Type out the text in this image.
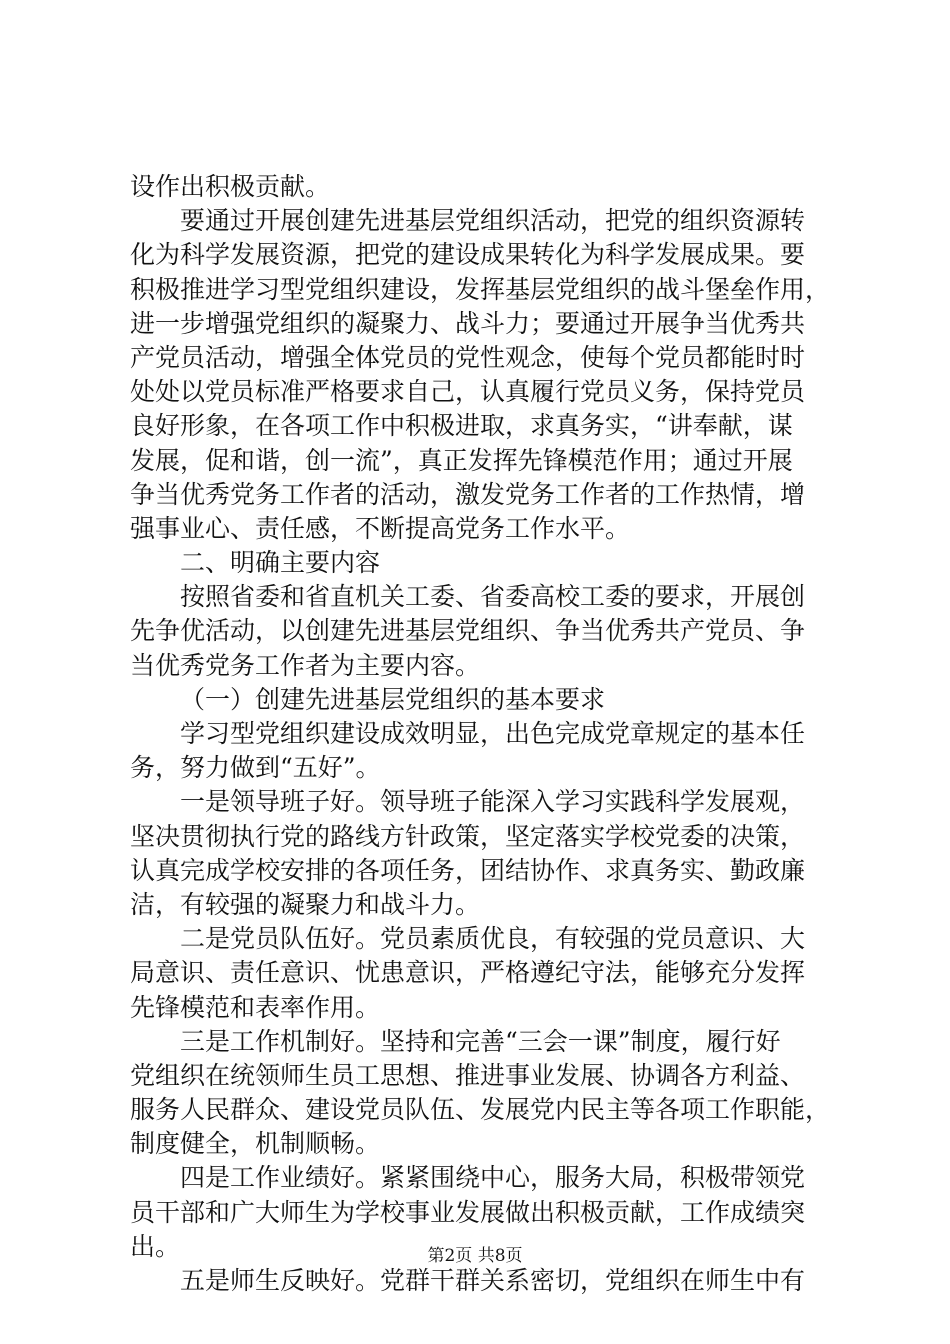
设作出积极贡献。
要通过开展创建先进基层党组织活动，把党的组织资源转
化为科学发展资源，把党的建设成果转化为科学发展成果。要
积极推进学习型党组织建设，发挥基层党组织的战斗堡垒作用，
进一步增强党组织的凝聚力、战斗力；要通过开展争当优秀共
产党员活动，增强全体党员的党性观念，使每个党员都能时时
处处以党员标准严格要求自己，认真履行党员义务，保持党员
良好形象，在各项工作中积极进取，求真务实，“讲奉献，谋
发展，促和谐，创一流”，真正发挥先锋模范作用；通过开展
争当优秀党务工作者的活动，激发党务工作者的工作热情，增
强事业心、责任感，不断提高党务工作水平。
二、明确主要内容
按照省委和省直机关工委、省委高校工委的要求，开展创
先争优活动，以创建先进基层党组织、争当优秀共产党员、争
当优秀党务工作者为主要内容。
（一）创建先进基层党组织的基本要求
学习型党组织建设成效明显，出色完成党章规定的基本任
务，努力做到“五好”。
一是领导班子好。领导班子能深入学习实践科学发展观，
坚决贯彻执行党的路线方针政策，坚定落实学校党委的决策，
认真完成学校安排的各项任务，团结协作、求真务实、勤政廉
洁，有较强的凝聚力和战斗力。
二是党员队伍好。党员素质优良，有较强的党员意识、大
局意识、责任意识、忧患意识，严格遵纪守法，能够充分发挥
先锋模范和表率作用。
三是工作机制好。坚持和完善“三会一课”制度，履行好
党组织在统领师生员工思想、推进事业发展、协调各方利益、
服务人民群众、建设党员队伍、发展党内民主等各项工作职能，
制度健全，机制顺畅。
四是工作业绩好。紧紧围绕中心，服务大局，积极带领党
员干部和广大师生为学校事业发展做出积极贡献，工作成绩突
出。
五是师生反映好。党群干群关系密切，党组织在师生中有
第2页 共8页
